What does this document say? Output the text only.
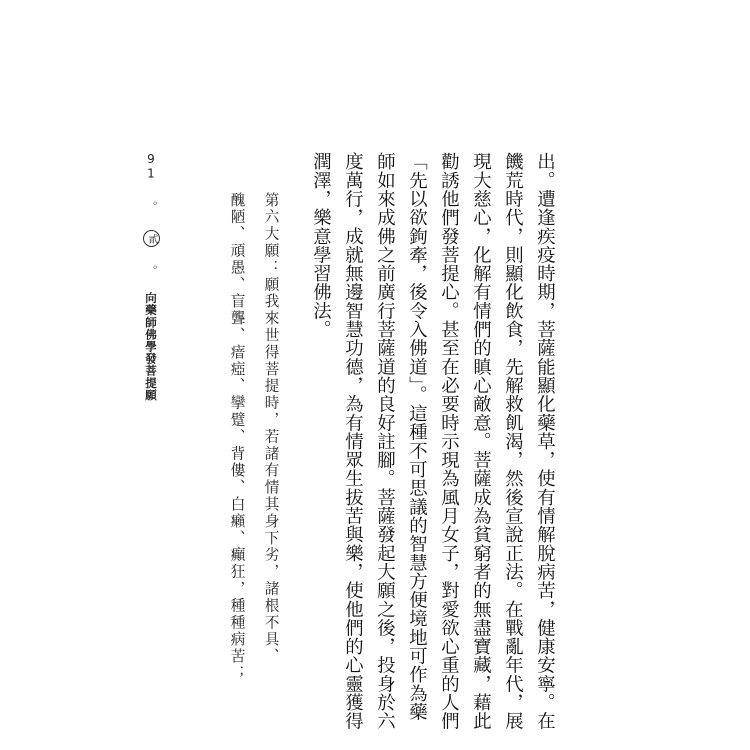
出。遭逢疾疫時期，菩薩能顯化藥草，使有情解脫病苦，健康安寧。在
饑荒時代，則顯化飲食，先解救飢渴，然後宣說正法。在戰亂年代，展
現大慈心，化解有情們的瞋心敵意。菩薩成為貧窮者的無盡寶藏，藉此
勸誘他們發菩提心。甚至在必要時示現為風月女子，對愛欲心重的人們
「先以欲鉤牽，後令入佛道」。這種不可思議的智慧方便境地可作為藥
師如來成佛之前廣行菩薩道的良好註腳。菩薩發起大願之後，投身於六
度萬行，成就無邊智慧功德，為有情眾生拔苦與樂，使他們的心靈獲得
潤澤，樂意學習佛法。
第六大願：願我來世得菩提時，若諸有情其身下劣，諸根不具、
醜陋、頑愚、盲聾、瘖瘂、攣躄、背僂、白癩、癲狂，種種病苦；
91 。 貳 。 向藥師佛學發菩提願
